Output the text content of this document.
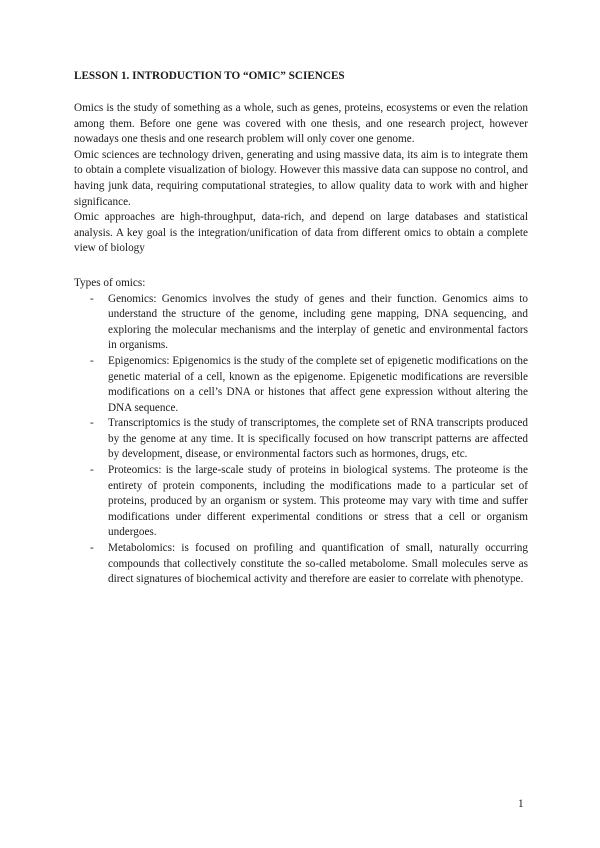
LESSON 1. INTRODUCTION TO “OMIC” SCIENCES

Omics is the study of something as a whole, such as genes, proteins, ecosystems or even the relation among them. Before one gene was covered with one thesis, and one research project, however nowadays one thesis and one research problem will only cover one genome.

Omic sciences are technology driven, generating and using massive data, its aim is to integrate them to obtain a complete visualization of biology. However this massive data can suppose no control, and having junk data, requiring computational strategies, to allow quality data to work with and higher significance.

Omic approaches are high-throughput, data-rich, and depend on large databases and statistical analysis. A key goal is the integration/unification of data from different omics to obtain a complete view of biology

Types of omics:

- Genomics: Genomics involves the study of genes and their function. Genomics aims to understand the structure of the genome, including gene mapping, DNA sequencing, and exploring the molecular mechanisms and the interplay of genetic and environmental factors in organisms.
- Epigenomics: Epigenomics is the study of the complete set of epigenetic modifications on the genetic material of a cell, known as the epigenome. Epigenetic modifications are reversible modifications on a cell’s DNA or histones that affect gene expression without altering the DNA sequence.
- Transcriptomics is the study of transcriptomes, the complete set of RNA transcripts produced by the genome at any time. It is specifically focused on how transcript patterns are affected by development, disease, or environmental factors such as hormones, drugs, etc.
- Proteomics: is the large-scale study of proteins in biological systems. The proteome is the entirety of protein components, including the modifications made to a particular set of proteins, produced by an organism or system. This proteome may vary with time and suffer modifications under different experimental conditions or stress that a cell or organism undergoes.
- Metabolomics: is focused on profiling and quantification of small, naturally occurring compounds that collectively constitute the so-called metabolome. Small molecules serve as direct signatures of biochemical activity and therefore are easier to correlate with phenotype.
1
